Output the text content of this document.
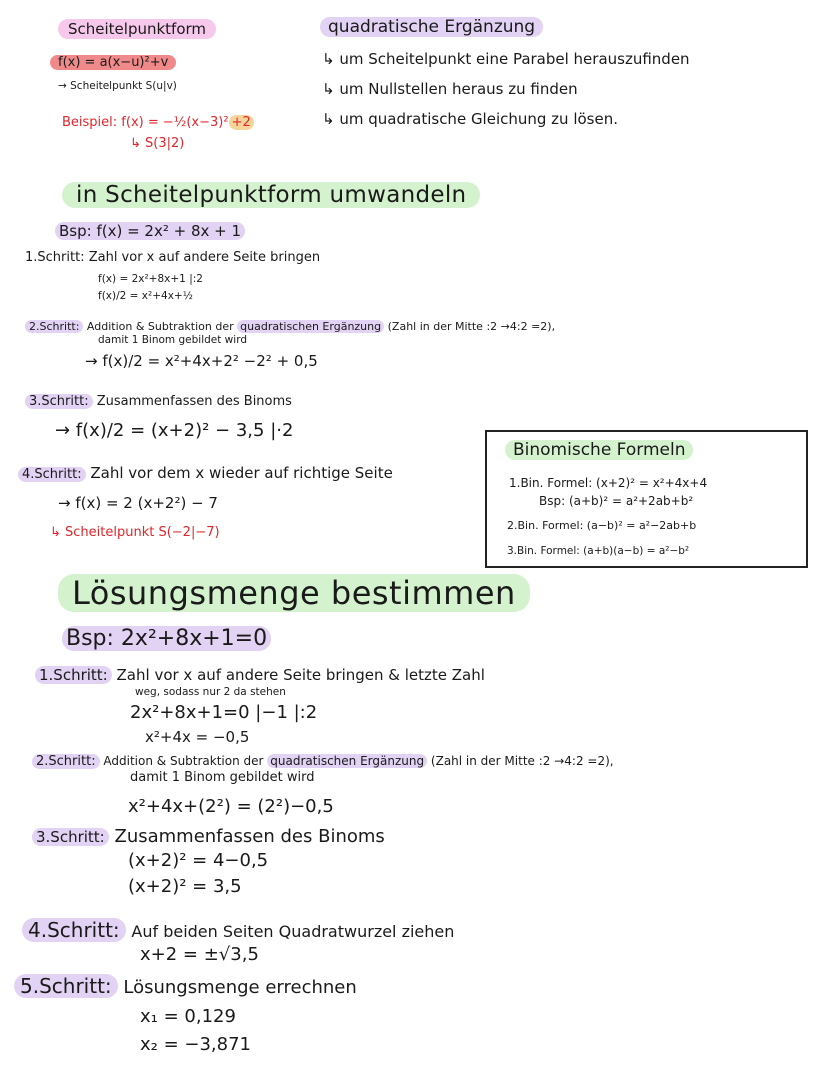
Scheitelpunktform
f(x) = a(x−u)²+v
→ Scheitelpunkt S(u|v)
Beispiel: f(x) = −½(x−3)² +2
↳ S(3|2)
quadratische Ergänzung
↳ um Scheitelpunkt eine Parabel herauszufinden
↳ um Nullstellen heraus zu finden
↳ um quadratische Gleichung zu lösen.
in Scheitelpunktform umwandeln
Bsp: f(x) = 2x² + 8x + 1
1.Schritt: Zahl vor x auf andere Seite bringen
f(x) = 2x²+8x+1 |:2
f(x)/2 = x²+4x+½
2.Schritt: Addition & Subtraktion der quadratischen Ergänzung (Zahl in der Mitte :2 →4:2 =2),
damit 1 Binom gebildet wird
→ f(x)/2 = x²+4x+2² −2² + 0,5
3.Schritt: Zusammenfassen des Binoms
→ f(x)/2 = (x+2)² − 3,5 |·2
4.Schritt: Zahl vor dem x wieder auf richtige Seite
→ f(x) = 2 (x+2²) − 7
↳ Scheitelpunkt S(−2|−7)
Binomische Formeln
1.Bin. Formel: (x+2)² = x²+4x+4
Bsp: (a+b)² = a²+2ab+b²
2.Bin. Formel: (a−b)² = a²−2ab+b
3.Bin. Formel: (a+b)(a−b) = a²−b²
Lösungsmenge bestimmen
Bsp: 2x²+8x+1=0
1.Schritt: Zahl vor x auf andere Seite bringen & letzte Zahl
weg, sodass nur 2 da stehen
2x²+8x+1=0 |−1 |:2
x²+4x = −0,5
2.Schritt: Addition & Subtraktion der quadratischen Ergänzung (Zahl in der Mitte :2 →4:2 =2),
damit 1 Binom gebildet wird
x²+4x+(2²) = (2²)−0,5
3.Schritt: Zusammenfassen des Binoms
(x+2)² = 4−0,5
(x+2)² = 3,5
4.Schritt: Auf beiden Seiten Quadratwurzel ziehen
x+2 = ±√3,5
5.Schritt: Lösungsmenge errechnen
x₁ = 0,129
x₂ = −3,871
